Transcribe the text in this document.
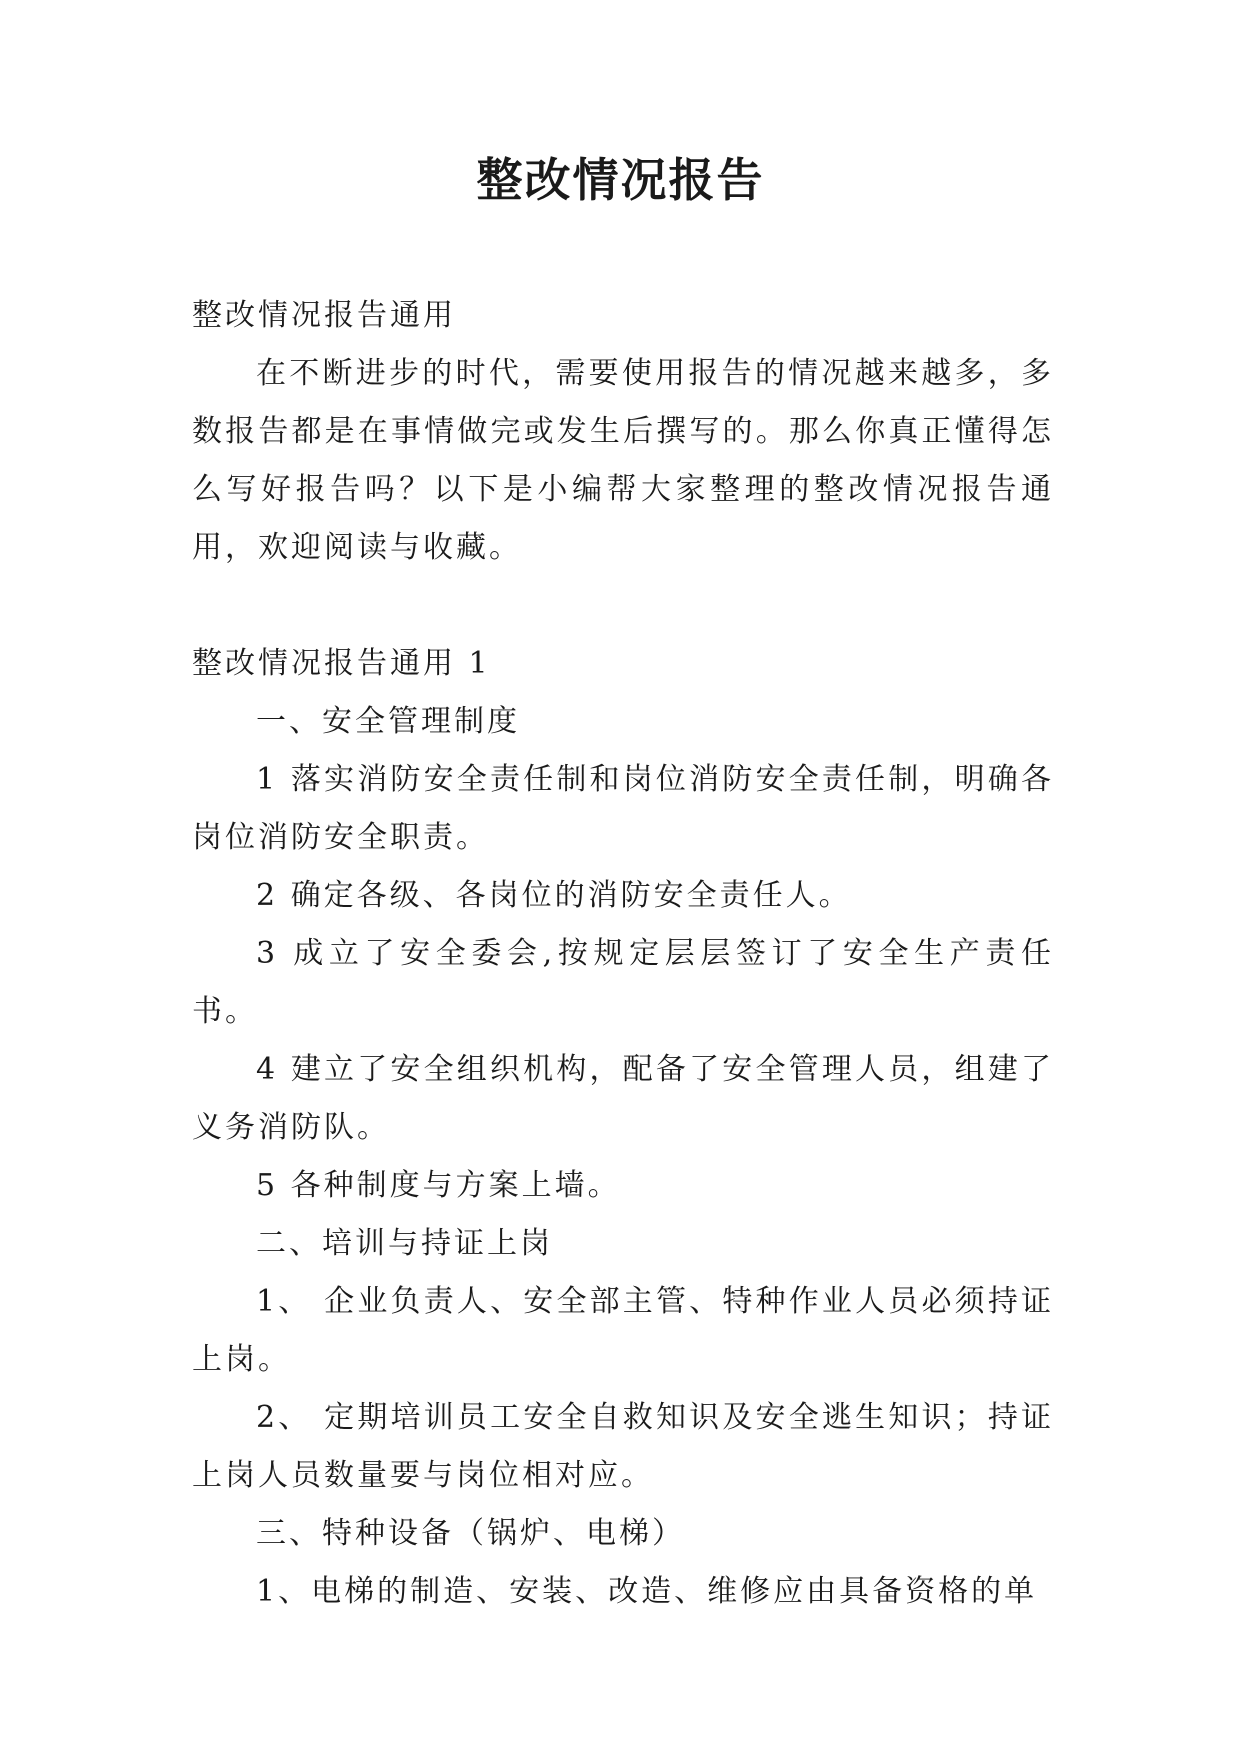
整改情况报告

整改情况报告通用

在不断进步的时代，需要使用报告的情况越来越多，多数报告都是在事情做完或发生后撰写的。那么你真正懂得怎么写好报告吗？以下是小编帮大家整理的整改情况报告通用，欢迎阅读与收藏。

整改情况报告通用 1

一、安全管理制度

1 落实消防安全责任制和岗位消防安全责任制，明确各岗位消防安全职责。

2 确定各级、各岗位的消防安全责任人。

3 成立了安全委会,按规定层层签订了安全生产责任书。

4 建立了安全组织机构，配备了安全管理人员，组建了义务消防队。

5 各种制度与方案上墙。

二、培训与持证上岗

1、 企业负责人、安全部主管、特种作业人员必须持证上岗。

2、 定期培训员工安全自救知识及安全逃生知识；持证上岗人员数量要与岗位相对应。

三、特种设备（锅炉、电梯）

1、电梯的制造、安装、改造、维修应由具备资格的单
